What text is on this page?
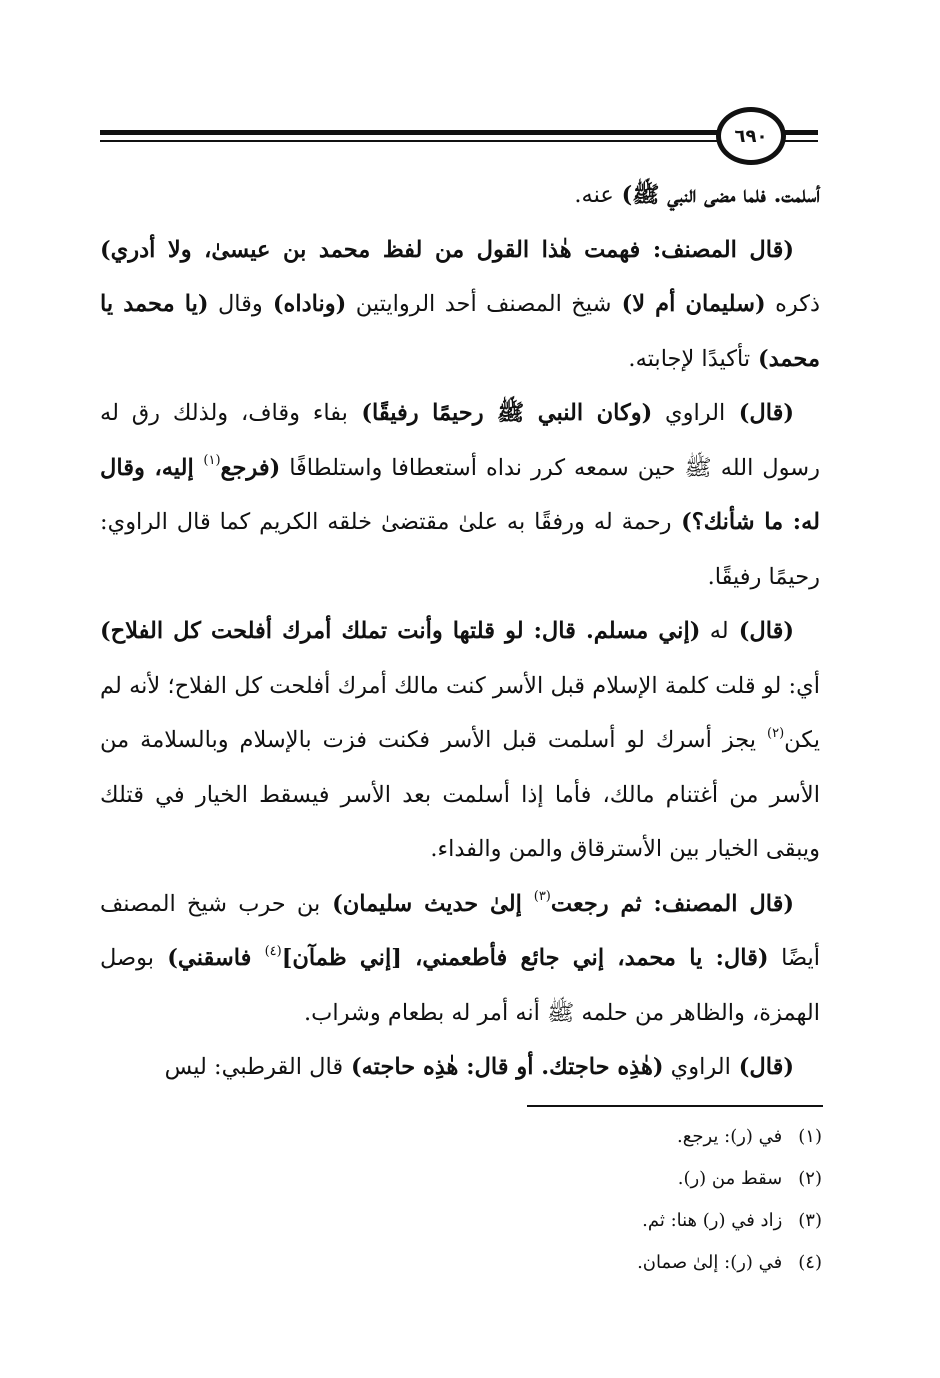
٦٩٠

أسلمت. فلما مضى النبي ﷺ) عنه.

(قال المصنف: فهمت هٰذا القول من لفظ محمد بن عيسىٰ، ولا أدري) ذكره (سليمان أم لا) شيخ المصنف أحد الروايتين (وناداه) وقال (يا محمد يا محمد) تأكيدًا لإجابته.

(قال) الراوي (وكان النبي ﷺ رحيمًا رفيقًا) بفاء وقاف، ولذلك رق له رسول الله ﷺ حين سمعه كرر نداه أستعطافا واستلطافًا (فرجع$^{(١)}$ إليه، وقال له: ما شأنك؟) رحمة له ورفقًا به علىٰ مقتضىٰ خلقه الكريم كما قال الراوي: رحيمًا رفيقًا.

(قال) له (إني مسلم. قال: لو قلتها وأنت تملك أمرك أفلحت كل الفلاح) أي: لو قلت كلمة الإسلام قبل الأسر كنت مالك أمرك أفلحت كل الفلاح؛ لأنه لم يكن$^{(٢)}$ يجز أسرك لو أسلمت قبل الأسر فكنت فزت بالإسلام وبالسلامة من الأسر من أغتنام مالك، فأما إذا أسلمت بعد الأسر فيسقط الخيار في قتلك ويبقى الخيار بين الأسترقاق والمن والفداء.

(قال المصنف: ثم رجعت$^{(٣)}$ إلىٰ حديث سليمان) بن حرب شيخ المصنف أيضًا (قال: يا محمد، إني جائع فأطعمني، [إني ظمآن]$^{(٤)}$ فاسقني) بوصل الهمزة، والظاهر من حلمه ﷺ أنه أمر له بطعام وشراب.

(قال) الراوي (هٰذِه حاجتك. أو قال: هٰذِه حاجته) قال القرطبي: ليس

(١)في (ر): يرجع.
(٢)سقط من (ر).
(٣)زاد في (ر) هنا: ثم.
(٤)في (ر): إلىٰ صمان.
